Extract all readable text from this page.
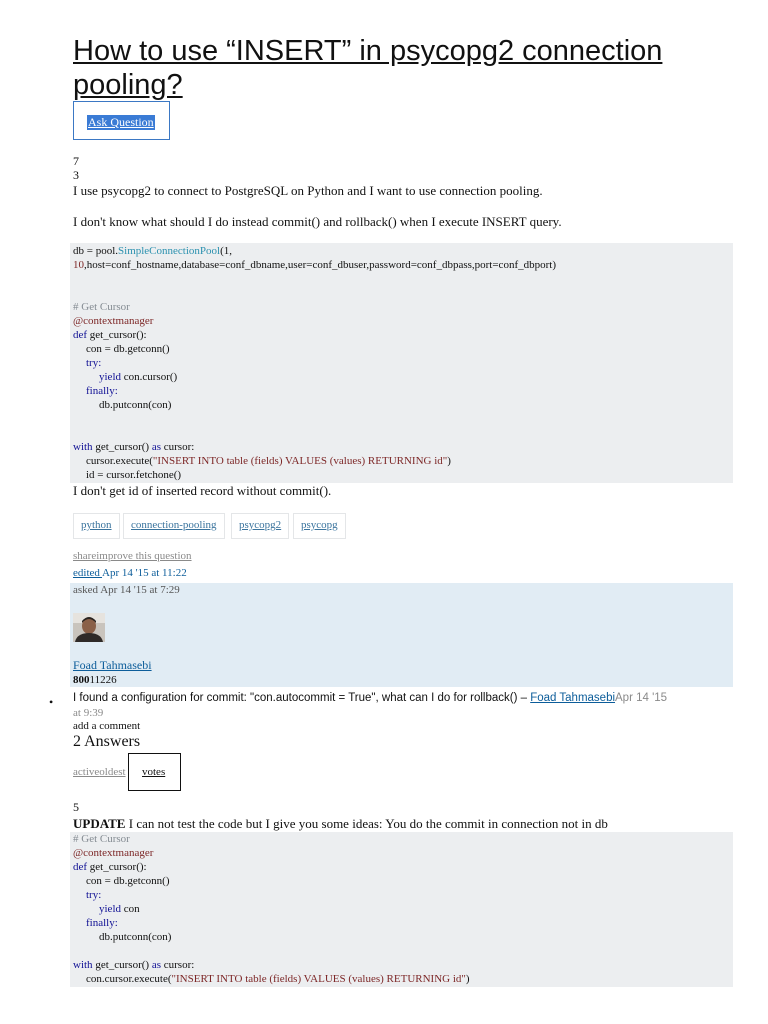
How to use “INSERT” in psycopg2 connection pooling?
Ask Question
7
3
I use psycopg2 to connect to PostgreSQL on Python and I want to use connection pooling.
I don't know what should I do instead commit() and rollback() when I execute INSERT query.
db = pool.SimpleConnectionPool(1,
10,host=conf_hostname,database=conf_dbname,user=conf_dbuser,password=conf_dbpass,port=conf_dbport)
# Get Cursor
@contextmanager
def get_cursor():
con = db.getconn()
try:
yield con.cursor()
finally:
db.putconn(con)
with get_cursor() as cursor:
cursor.execute("INSERT INTO table (fields) VALUES (values) RETURNING id")
id = cursor.fetchone()
I don't get id of inserted record without commit().
python	connection-pooling	psycopg2	psycopg
shareimprove this question
edited Apr 14 '15 at 11:22
asked Apr 14 '15 at 7:29
Foad Tahmasebi
80011226
• I found a configuration for commit: "con.autocommit = True", what can I do for rollback() – Foad TahmasebiApr 14 '15
at 9:39
add a comment
2 Answers
activeoldest votes
5
UPDATE I can not test the code but I give you some ideas: You do the commit in connection not in db
# Get Cursor
@contextmanager
def get_cursor():
con = db.getconn()
try:
yield con
finally:
db.putconn(con)
with get_cursor() as cursor:
con.cursor.execute("INSERT INTO table (fields) VALUES (values) RETURNING id")
